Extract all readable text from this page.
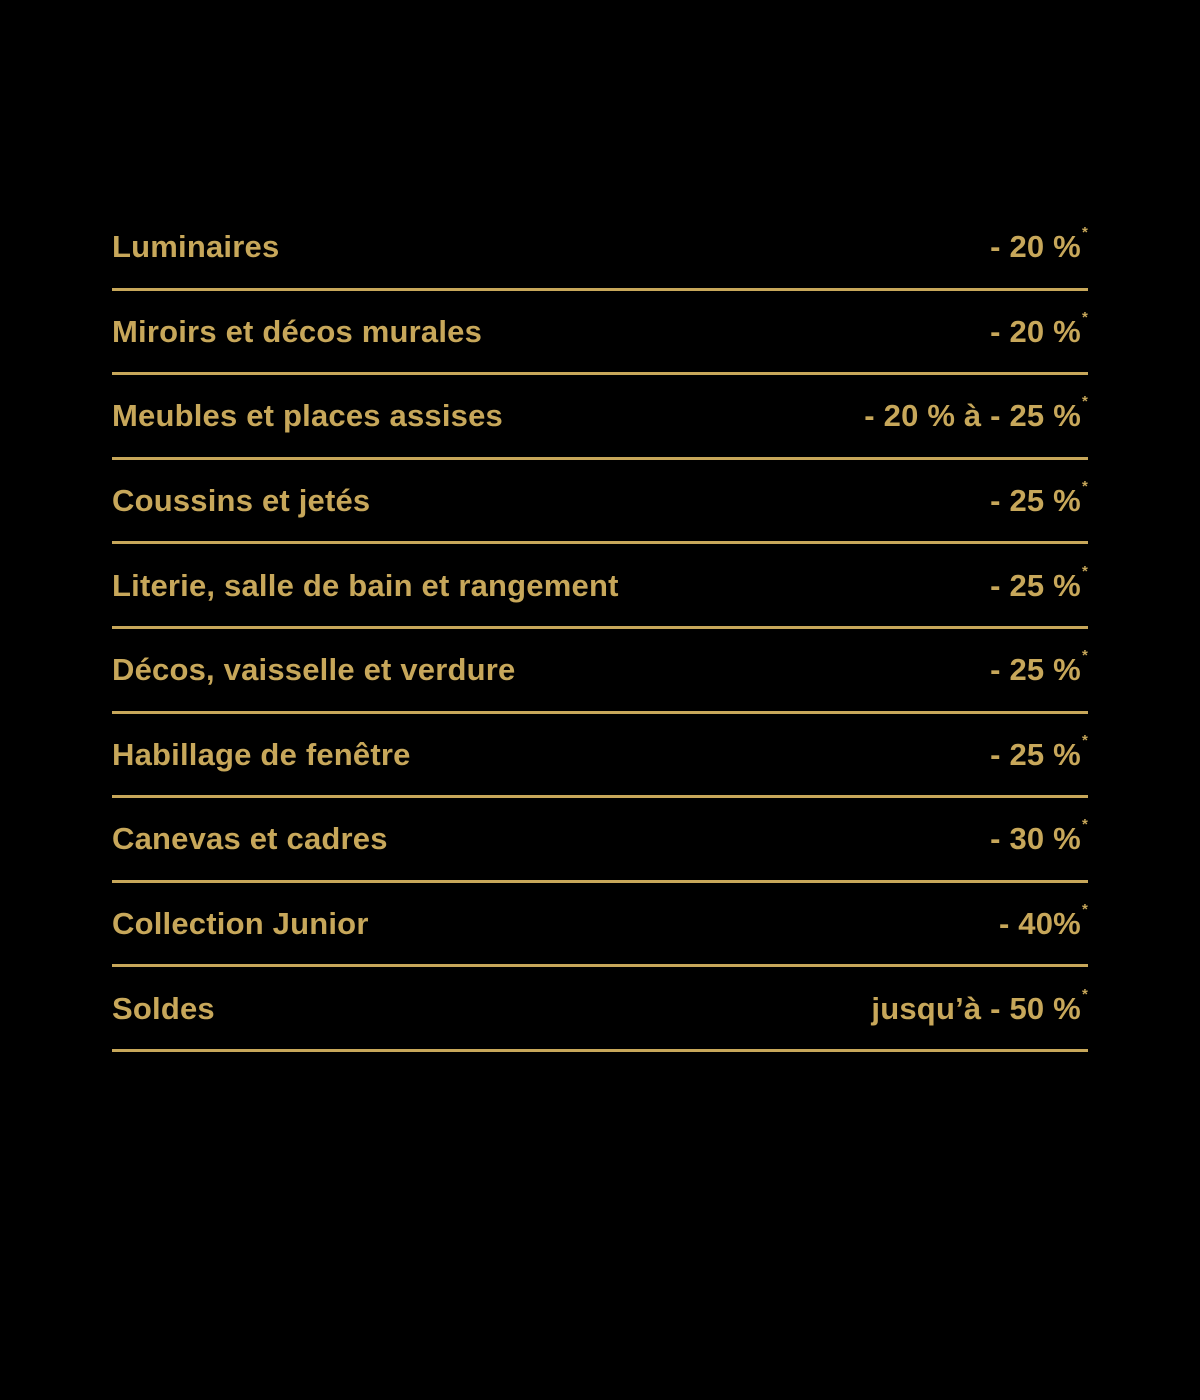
Luminaires	- 20 %*
Miroirs et décos murales	- 20 %*
Meubles et places assises	- 20 % à - 25 %*
Coussins et jetés	- 25 %*
Literie, salle de bain et rangement	- 25 %*
Décos, vaisselle et verdure	- 25 %*
Habillage de fenêtre	- 25 %*
Canevas et cadres	- 30 %*
Collection Junior	- 40%*
Soldes	jusqu’à - 50 %*
